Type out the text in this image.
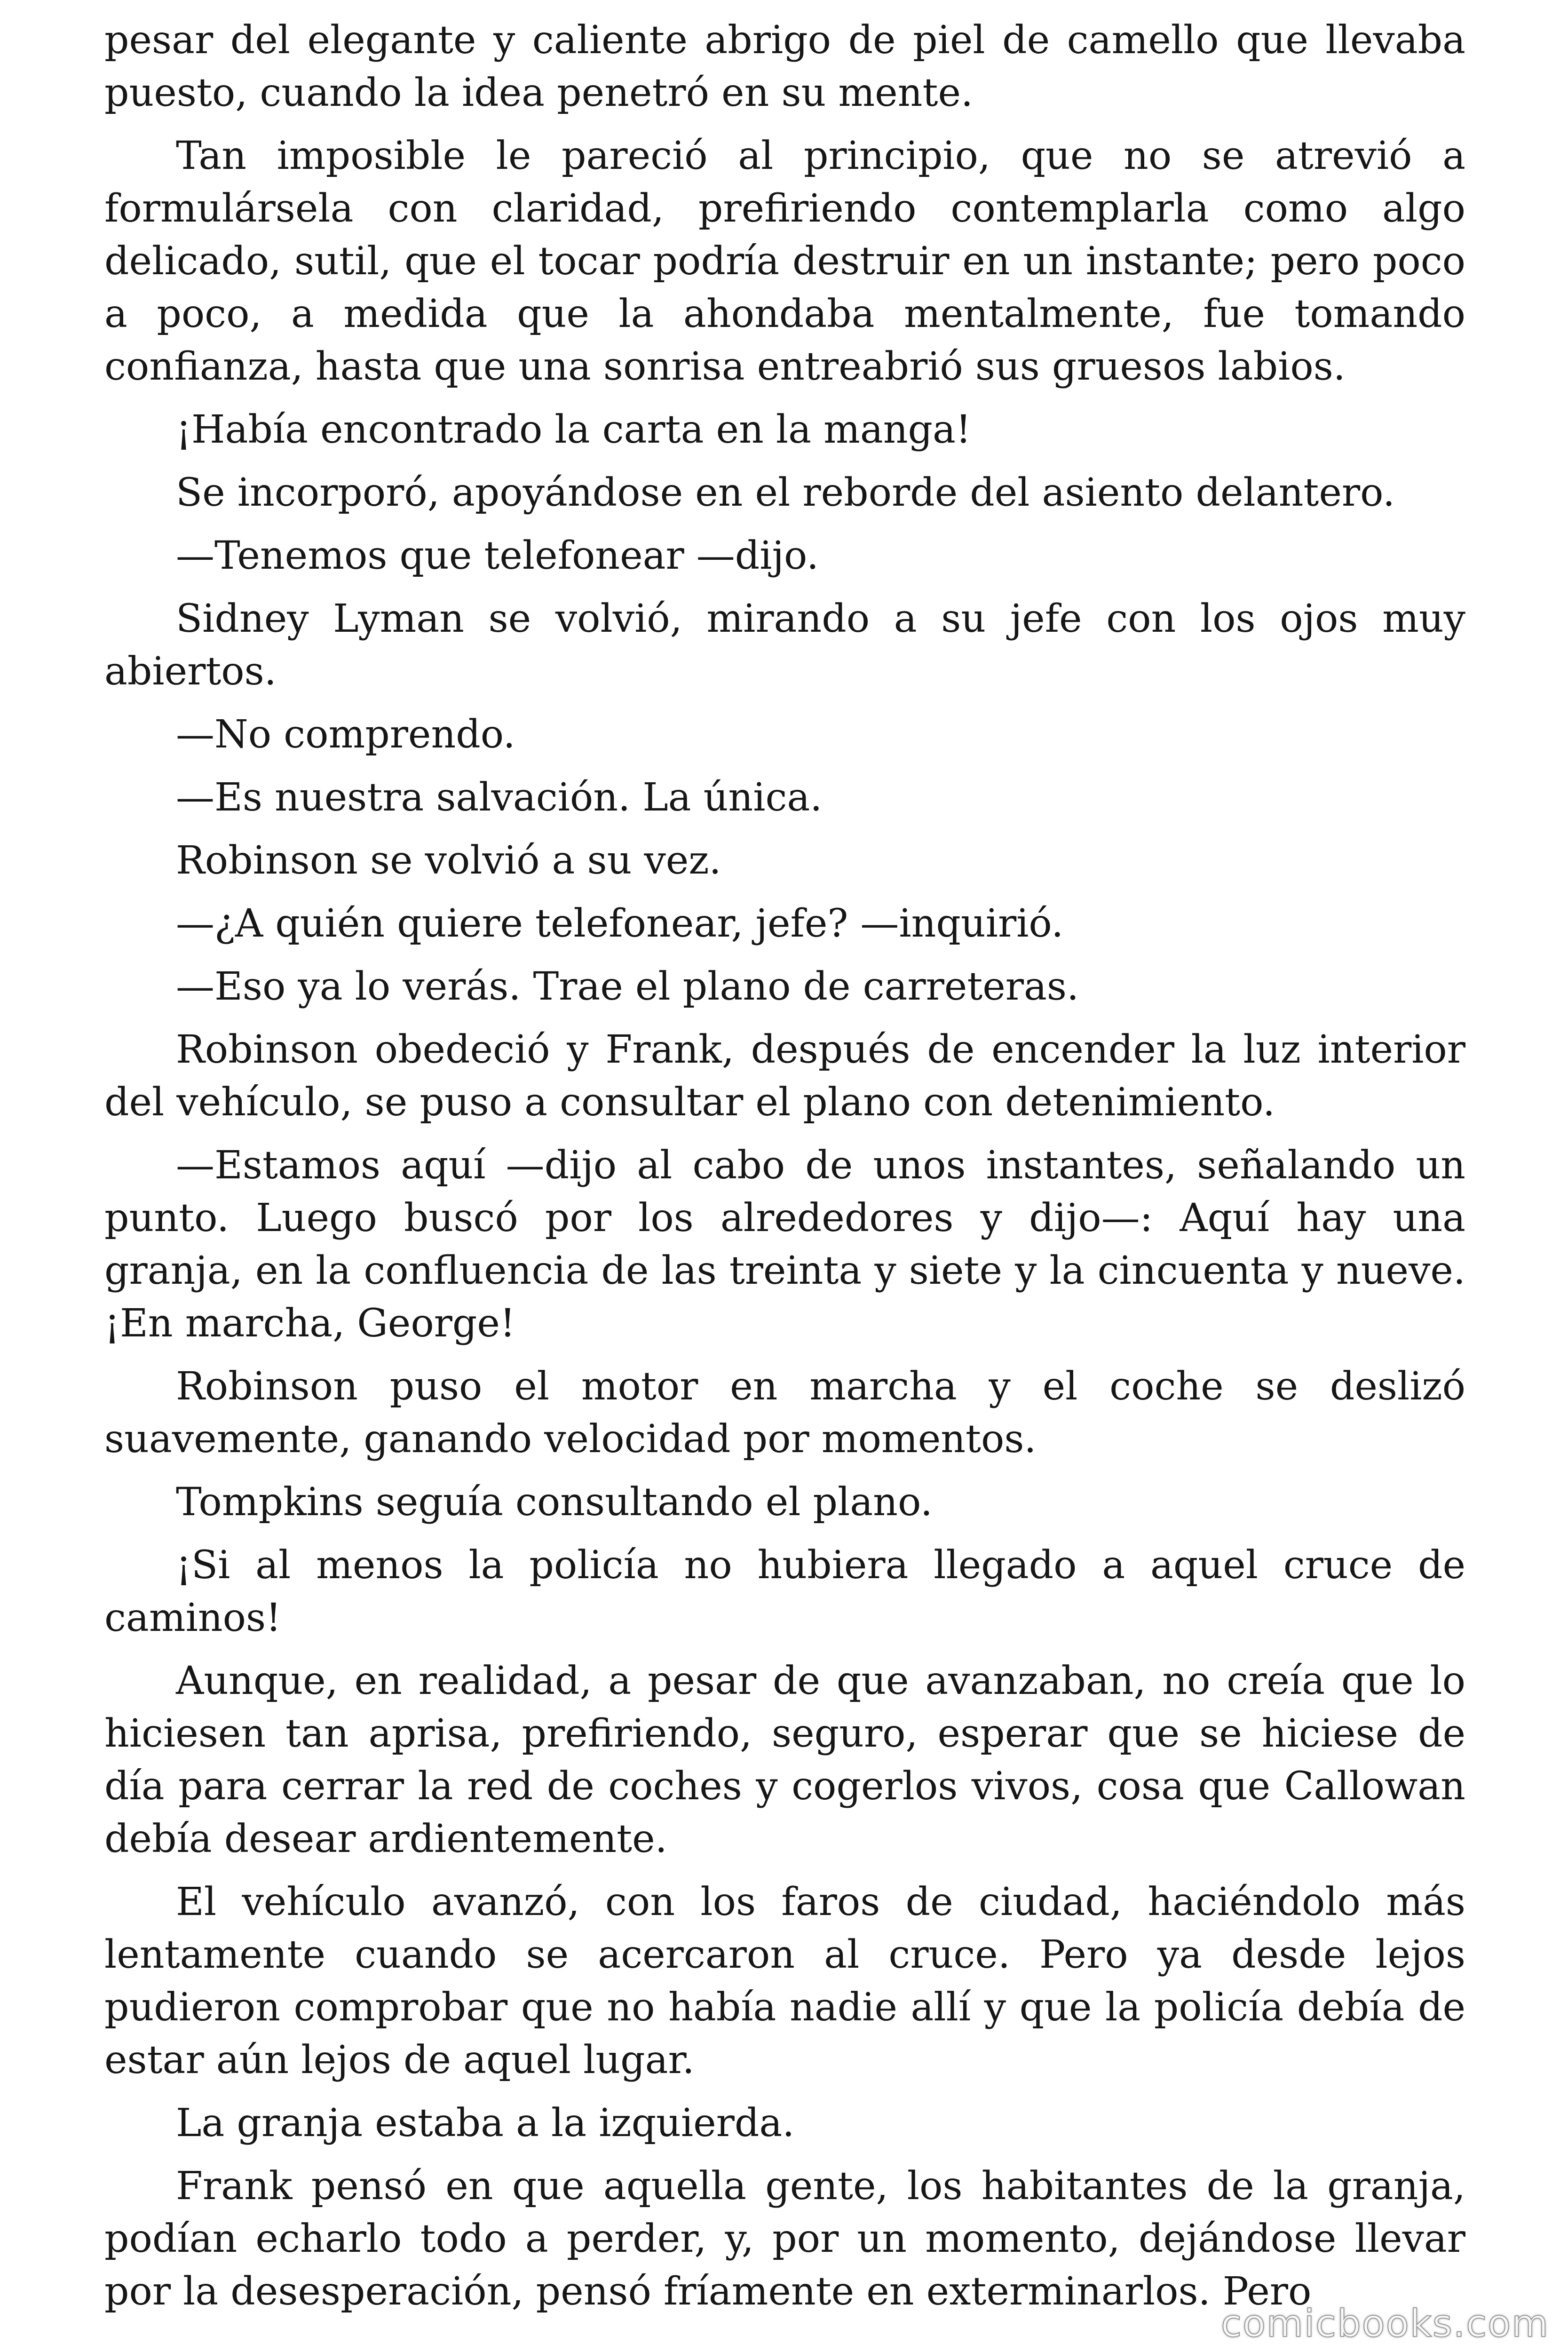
pesar del elegante y caliente abrigo de piel de camello que llevaba puesto, cuando la idea penetró en su mente.

Tan imposible le pareció al principio, que no se atrevió a formulársela con claridad, prefiriendo contemplarla como algo delicado, sutil, que el tocar podría destruir en un instante; pero poco a poco, a medida que la ahondaba mentalmente, fue tomando confianza, hasta que una sonrisa entreabrió sus gruesos labios.

¡Había encontrado la carta en la manga!

Se incorporó, apoyándose en el reborde del asiento delantero.

—Tenemos que telefonear —dijo.

Sidney Lyman se volvió, mirando a su jefe con los ojos muy abiertos.

—No comprendo.

—Es nuestra salvación. La única.

Robinson se volvió a su vez.

—¿A quién quiere telefonear, jefe? —inquirió.

—Eso ya lo verás. Trae el plano de carreteras.

Robinson obedeció y Frank, después de encender la luz interior del vehículo, se puso a consultar el plano con detenimiento.

—Estamos aquí —dijo al cabo de unos instantes, señalando un punto. Luego buscó por los alrededores y dijo—: Aquí hay una granja, en la confluencia de las treinta y siete y la cincuenta y nueve. ¡En marcha, George!

Robinson puso el motor en marcha y el coche se deslizó suavemente, ganando velocidad por momentos.

Tompkins seguía consultando el plano.

¡Si al menos la policía no hubiera llegado a aquel cruce de caminos!

Aunque, en realidad, a pesar de que avanzaban, no creía que lo hiciesen tan aprisa, prefiriendo, seguro, esperar que se hiciese de día para cerrar la red de coches y cogerlos vivos, cosa que Callowan debía desear ardientemente.

El vehículo avanzó, con los faros de ciudad, haciéndolo más lentamente cuando se acercaron al cruce. Pero ya desde lejos pudieron comprobar que no había nadie allí y que la policía debía de estar aún lejos de aquel lugar.

La granja estaba a la izquierda.

Frank pensó en que aquella gente, los habitantes de la granja, podían echarlo todo a perder, y, por un momento, dejándose llevar por la desesperación, pensó fríamente en exterminarlos. Pero

comicbooks.com
